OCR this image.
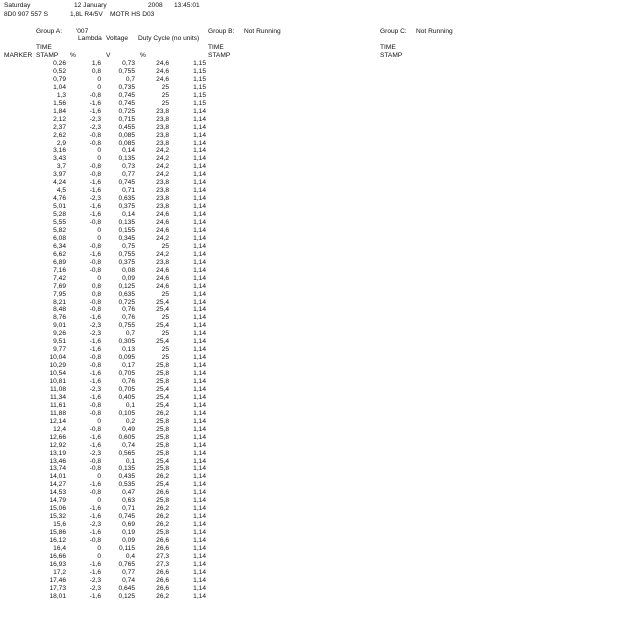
Saturday	12 January	2008 13:45:01
8D0 907 557 S	1,8L R4/5V MOTR HS D03
Group A: '007	Group B: Not Running	Group C: Not Running
Lambda Voltage Duty Cycle (no units)
TIME	TIME	TIME
MARKER STAMP %	V	%	STAMP	STAMP
0,26	1,6	0,73	24,6	1,15
0,52	0,8	0,755	24,6	1,15
0,79	0	0,7	24,6	1,15
1,04	0	0,735	25	1,15
1,3	-0,8	0,745	25	1,15
1,56	-1,6	0,745	25	1,15
1,84	-1,6	0,725	23,8	1,14
2,12	-2,3	0,715	23,8	1,14
2,37	-2,3	0,455	23,8	1,14
2,62	-0,8	0,085	23,8	1,14
2,9	-0,8	0,085	23,8	1,14
3,16	0	0,14	24,2	1,14
3,43	0	0,135	24,2	1,14
3,7	-0,8	0,73	24,2	1,14
3,97	-0,8	0,77	24,2	1,14
4,24	-1,6	0,745	23,8	1,14
4,5	-1,6	0,71	23,8	1,14
4,76	-2,3	0,635	23,8	1,14
5,01	-1,6	0,375	23,8	1,14
5,28	-1,6	0,14	24,6	1,14
5,55	-0,8	0,135	24,6	1,14
5,82	0	0,155	24,6	1,14
6,08	0	0,345	24,2	1,14
6,34	-0,8	0,75	25	1,14
6,62	-1,6	0,755	24,2	1,14
6,89	-0,8	0,375	23,8	1,14
7,16	-0,8	0,08	24,6	1,14
7,42	0	0,09	24,6	1,14
7,69	0,8	0,125	24,6	1,14
7,95	0,8	0,635	25	1,14
8,21	-0,8	0,725	25,4	1,14
8,48	-0,8	0,76	25,4	1,14
8,76	-1,6	0,76	25	1,14
9,01	-2,3	0,755	25,4	1,14
9,26	-2,3	0,7	25	1,14
9,51	-1,6	0,305	25,4	1,14
9,77	-1,6	0,13	25	1,14
10,04	-0,8	0,095	25	1,14
10,29	-0,8	0,17	25,8	1,14
10,54	-1,6	0,705	25,8	1,14
10,81	-1,6	0,76	25,8	1,14
11,08	-2,3	0,705	25,4	1,14
11,34	-1,6	0,405	25,4	1,14
11,61	-0,8	0,1	25,4	1,14
11,88	-0,8	0,105	26,2	1,14
12,14	0	0,2	25,8	1,14
12,4	-0,8	0,49	25,8	1,14
12,66	-1,6	0,605	25,8	1,14
12,92	-1,6	0,74	25,8	1,14
13,19	-2,3	0,565	25,8	1,14
13,46	-0,8	0,1	25,4	1,14
13,74	-0,8	0,135	25,8	1,14
14,01	0	0,435	26,2	1,14
14,27	-1,6	0,535	25,4	1,14
14,53	-0,8	0,47	26,6	1,14
14,79	0	0,63	25,8	1,14
15,06	-1,6	0,71	26,2	1,14
15,32	-1,6	0,745	26,2	1,14
15,6	-2,3	0,69	26,2	1,14
15,86	-1,6	0,19	25,8	1,14
16,12	-0,8	0,09	26,6	1,14
16,4	0	0,115	26,6	1,14
16,66	0	0,4	27,3	1,14
16,93	-1,6	0,765	27,3	1,14
17,2	-1,6	0,77	26,6	1,14
17,46	-2,3	0,74	26,6	1,14
17,73	-2,3	0,645	26,6	1,14
18,01	-1,6	0,125	26,2	1,14
